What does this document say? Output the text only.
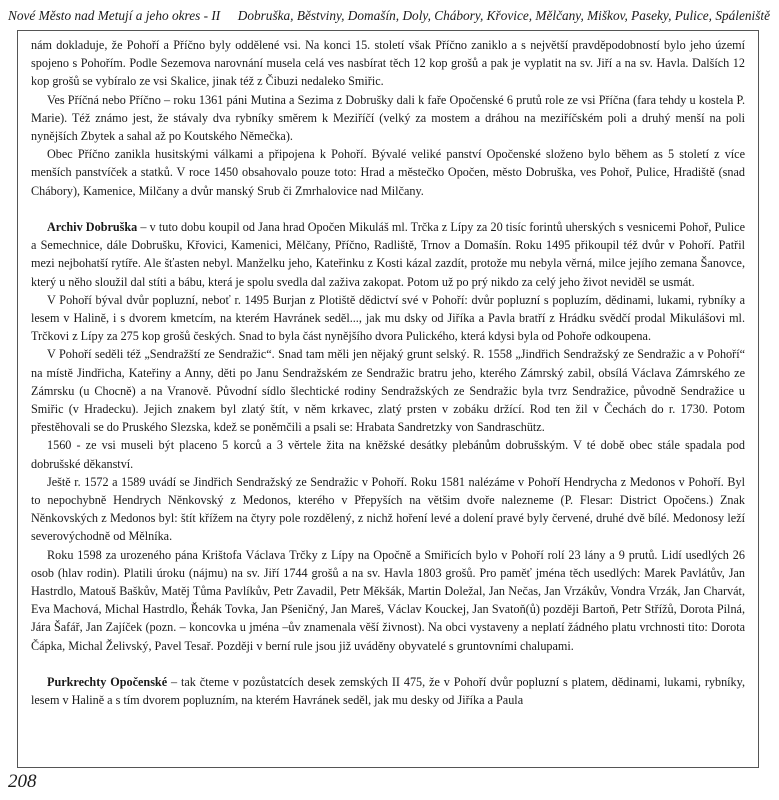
Nové Město nad Metují a jeho okres - II Dobruška, Běstviny, Domašín, Doly, Chábory, Křovice, Mělčany, Miškov, Paseky, Pulice, Spáleniště

nám dokladuje, že Pohoří a Příčno byly oddělené vsi. Na konci 15. století však Příčno zaniklo a s největší pravděpodobností bylo jeho území spojeno s Pohořím. Podle Sezemova narovnání musela celá ves nasbírat těch 12 kop grošů a pak je vyplatit na sv. Jiří a na sv. Havla. Dalších 12 kop grošů se vybíralo ze vsi Skalice, jinak též z Čibuzi nedaleko Smiřic.

Ves Příčná nebo Příčno – roku 1361 páni Mutina a Sezima z Dobrušky dali k faře Opočenské 6 prutů role ze vsi Příčna (fara tehdy u kostela P. Marie). Též známo jest, že stávaly dva rybníky směrem k Meziříčí (velký za mostem a dráhou na meziříčském poli a druhý menší na poli nynějších Zbytek a sahal až po Koutského Němečka).

Obec Příčno zanikla husitskými válkami a připojena k Pohoří. Bývalé veliké panství Opočenské složeno bylo během as 5 století z více menších panstvíček a statků. V roce 1450 obsahovalo pouze toto: Hrad a městečko Opočen, město Dobruška, ves Pohoř, Pulice, Hradiště (snad Chábory), Kamenice, Milčany a dvůr manský Srub či Zmrhalovice nad Milčany.

Archiv Dobruška – v tuto dobu koupil od Jana hrad Opočen Mikuláš ml. Trčka z Lípy za 20 tisíc forintů uherských s vesnicemi Pohoř, Pulice a Semechnice, dále Dobrušku, Křovici, Kamenici, Mělčany, Příčno, Radliště, Trnov a Domašín. Roku 1495 přikoupil též dvůr v Pohoří. Patřil mezi nejbohatší rytíře. Ale šťasten nebyl. Manželku jeho, Kateřinku z Kosti kázal zazdít, protože mu nebyla věrná, milce jejího zemana Šanovce, který u něho sloužil dal stíti a bábu, která je spolu svedla dal zaživa zakopat. Potom už po prý nikdo za celý jeho život neviděl se usmát.

V Pohoří býval dvůr popluzní, neboť r. 1495 Burjan z Plotiště dědictví své v Pohoří: dvůr popluzní s popluzím, dědinami, lukami, rybníky a lesem v Halině, i s dvorem kmetcím, na kterém Havránek seděl..., jak mu dsky od Jiříka a Pavla bratří z Hrádku svědčí prodal Mikulášovi ml. Trčkovi z Lípy za 275 kop grošů českých. Snad to byla část nynějšího dvora Pulického, která kdysi byla od Pohoře odkoupena.

V Pohoří seděli též „Sendražští ze Sendražic“. Snad tam měli jen nějaký grunt selský. R. 1558 „Jindřich Sendražský ze Sendražic a v Pohoří“ na místě Jindřicha, Kateřiny a Anny, děti po Janu Sendražském ze Sendražic bratru jeho, kterého Zámrský zabil, obsílá Václava Zámrského ze Zámrsku (u Chocně) a na Vranově. Původní sídlo šlechtické rodiny Sendražských ze Sendražic byla tvrz Sendražice, původně Sendražice u Smiřic (v Hradecku). Jejich znakem byl zlatý štít, v něm krkavec, zlatý prsten v zobáku držící. Rod ten žil v Čechách do r. 1730. Potom přestěhovali se do Pruského Slezska, kdež se poněmčili a psali se: Hrabata Sandretzky von Sandraschütz.

1560 - ze vsi museli být placeno 5 korců a 3 věrtele žita na kněžské desátky plebánům dobrušským. V té době obec stále spadala pod dobrušské děkanství.

Ještě r. 1572 a 1589 uvádí se Jindřich Sendražský ze Sendražic v Pohoří. Roku 1581 nalézáme v Pohoří Hendrycha z Medonos v Pohoří. Byl to nepochybně Hendrych Něnkovský z Medonos, kterého v Přepyších na většim dvoře nalezneme (P. Flesar: District Opočens.) Znak Něnkovských z Medonos byl: štít křížem na čtyry pole rozdělený, z nichž hoření levé a dolení pravé byly červené, druhé dvě bílé. Medonosy leží severovýchodně od Mělníka.

Roku 1598 za urozeného pána Krištofa Václava Trčky z Lípy na Opočně a Smiřicích bylo v Pohoří rolí 23 lány a 9 prutů. Lidí usedlých 26 osob (hlav rodin). Platili úroku (nájmu) na sv. Jiří 1744 grošů a na sv. Havla 1803 grošů. Pro paměť jména těch usedlých: Marek Pavlátův, Jan Hastrdlo, Matouš Baškův, Matěj Tůma Pavlíkův, Petr Zavadil, Petr Měkšák, Martin Doležal, Jan Nečas, Jan Vrzákův, Vondra Vrzák, Jan Charvát, Eva Machová, Michal Hastrdlo, Řehák Tovka, Jan Pšeničný, Jan Mareš, Václav Kouckej, Jan Svatoň(ů) později Bartoň, Petr Střížů, Dorota Pilná, Jára Šafář, Jan Zajíček (pozn. – koncovka u jména –ův znamenala věší živnost). Na obci vystaveny a neplatí žádného platu vrchnosti tito: Dorota Čápka, Michal Želivský, Pavel Tesař. Později v berní rule jsou již uváděny obyvatelé s gruntovními chalupami.

Purkrechty Opočenské – tak čteme v pozůstatcích desek zemských II 475, že v Pohoří dvůr popluzní s platem, dědinami, lukami, rybníky, lesem v Halině a s tím dvorem popluzním, na kterém Havránek seděl, jak mu desky od Jiříka a Paula

208
